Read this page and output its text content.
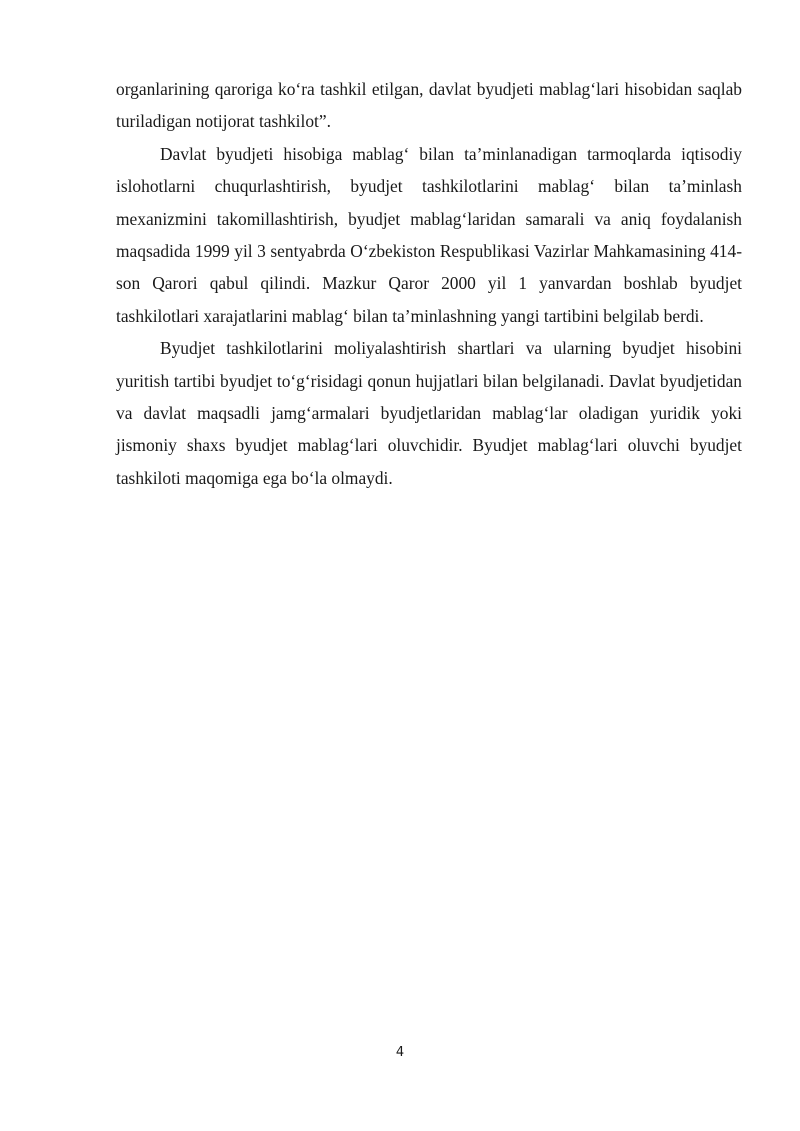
organlarining qaroriga koʻra tashkil etilgan, davlat byudjeti mablagʻlari hisobidan saqlab turiladigan notijorat tashkilot”.

Davlat byudjeti hisobiga mablagʻ bilan taʼminlanadigan tarmoqlarda iqtisodiy islohotlarni chuqurlashtirish, byudjet tashkilotlarini mablagʻ bilan taʼminlash mexanizmini takomillashtirish, byudjet mablagʻlaridan samarali va aniq foydalanish maqsadida 1999 yil 3 sentyabrda Oʻzbekiston Respublikasi Vazirlar Mahkamasining 414-son Qarori qabul qilindi. Mazkur Qaror 2000 yil 1 yanvardan boshlab byudjet tashkilotlari xarajatlarini mablagʻ bilan taʼminlashning yangi tartibini belgilab berdi.

Byudjet tashkilotlarini moliyalashtirish shartlari va ularning byudjet hisobini yuritish tartibi byudjet toʻgʻrisidagi qonun hujjatlari bilan belgilanadi. Davlat byudjetidan va davlat maqsadli jamgʻarmalari byudjetlaridan mablagʻlar oladigan yuridik yoki jismoniy shaxs byudjet mablagʻlari oluvchidir. Byudjet mablagʻlari oluvchi byudjet tashkiloti maqomiga ega boʻla olmaydi.

4
